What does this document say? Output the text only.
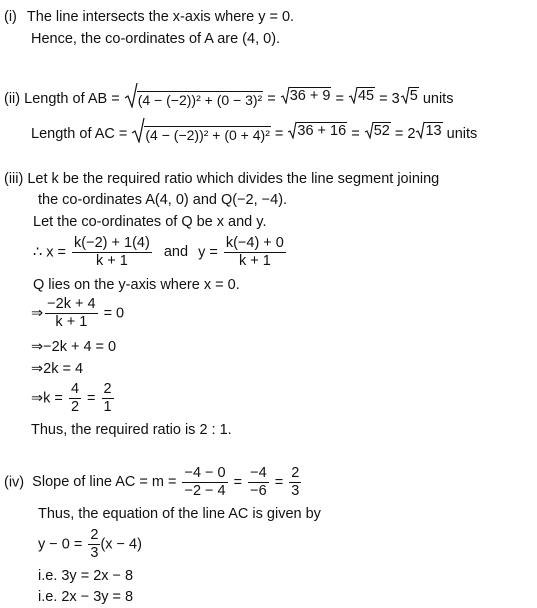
(i) The line intersects the x-axis where y = 0.
Hence, the co-ordinates of A are (4, 0).
(ii) Length of AB = (4 − (−2))² + (0 − 3)² = 36 + 9 = 45 = 3 5 units
Length of AC = (4 − (−2))² + (0 + 4)² = 36 + 16 = 52 = 2 13 units
(iii) Let k be the required ratio which divides the line segment joining
the co-ordinates A(4, 0) and Q(−2, −4).
Let the co-ordinates of Q be x and y.
∴ $x = \frac{k(-2) + 1(4)}{k + 1}$ and $y = \frac{k(-4) + 0}{k + 1}$
Q lies on the y-axis where x = 0.
⇒ $\frac{-2k + 4}{k + 1} = 0$
⇒−2k + 4 = 0
⇒2k = 4
⇒k = $\frac{4}{2} = \frac{2}{1}$
Thus, the required ratio is 2 : 1.
(iv) Slope of line AC = $m = \frac{-4 - 0}{-2 - 4} = \frac{-4}{-6} = \frac{2}{3}$
Thus, the equation of the line AC is given by
$y - 0 = \frac{2}{3} (x - 4)$
i.e. 3y = 2x − 8
i.e. 2x − 3y = 8
